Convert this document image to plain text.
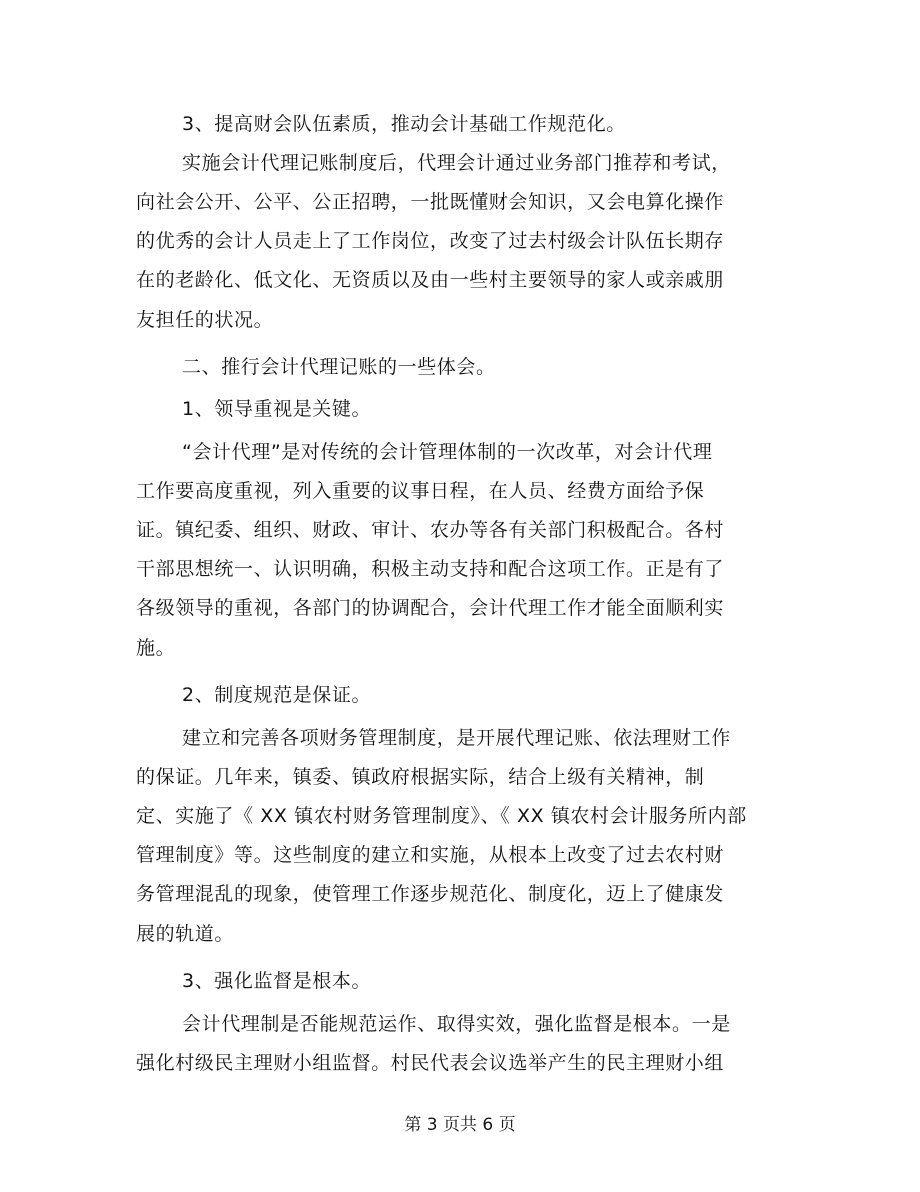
3、提高财会队伍素质，推动会计基础工作规范化。
实施会计代理记账制度后，代理会计通过业务部门推荐和考试，
向社会公开、公平、公正招聘，一批既懂财会知识，又会电算化操作
的优秀的会计人员走上了工作岗位，改变了过去村级会计队伍长期存
在的老龄化、低文化、无资质以及由一些村主要领导的家人或亲戚朋
友担任的状况。
二、推行会计代理记账的一些体会。
1、领导重视是关键。
“会计代理”是对传统的会计管理体制的一次改革，对会计代理
工作要高度重视，列入重要的议事日程，在人员、经费方面给予保
证。镇纪委、组织、财政、审计、农办等各有关部门积极配合。各村
干部思想统一、认识明确，积极主动支持和配合这项工作。正是有了
各级领导的重视，各部门的协调配合，会计代理工作才能全面顺利实
施。
2、制度规范是保证。
建立和完善各项财务管理制度，是开展代理记账、依法理财工作
的保证。几年来，镇委、镇政府根据实际，结合上级有关精神，制
定、实施了《 XX 镇农村财务管理制度》、《 XX 镇农村会计服务所内部
管理制度》等。这些制度的建立和实施，从根本上改变了过去农村财
务管理混乱的现象，使管理工作逐步规范化、制度化，迈上了健康发
展的轨道。
3、强化监督是根本。
会计代理制是否能规范运作、取得实效，强化监督是根本。一是
强化村级民主理财小组监督。村民代表会议选举产生的民主理财小组
第 3 页共 6 页
